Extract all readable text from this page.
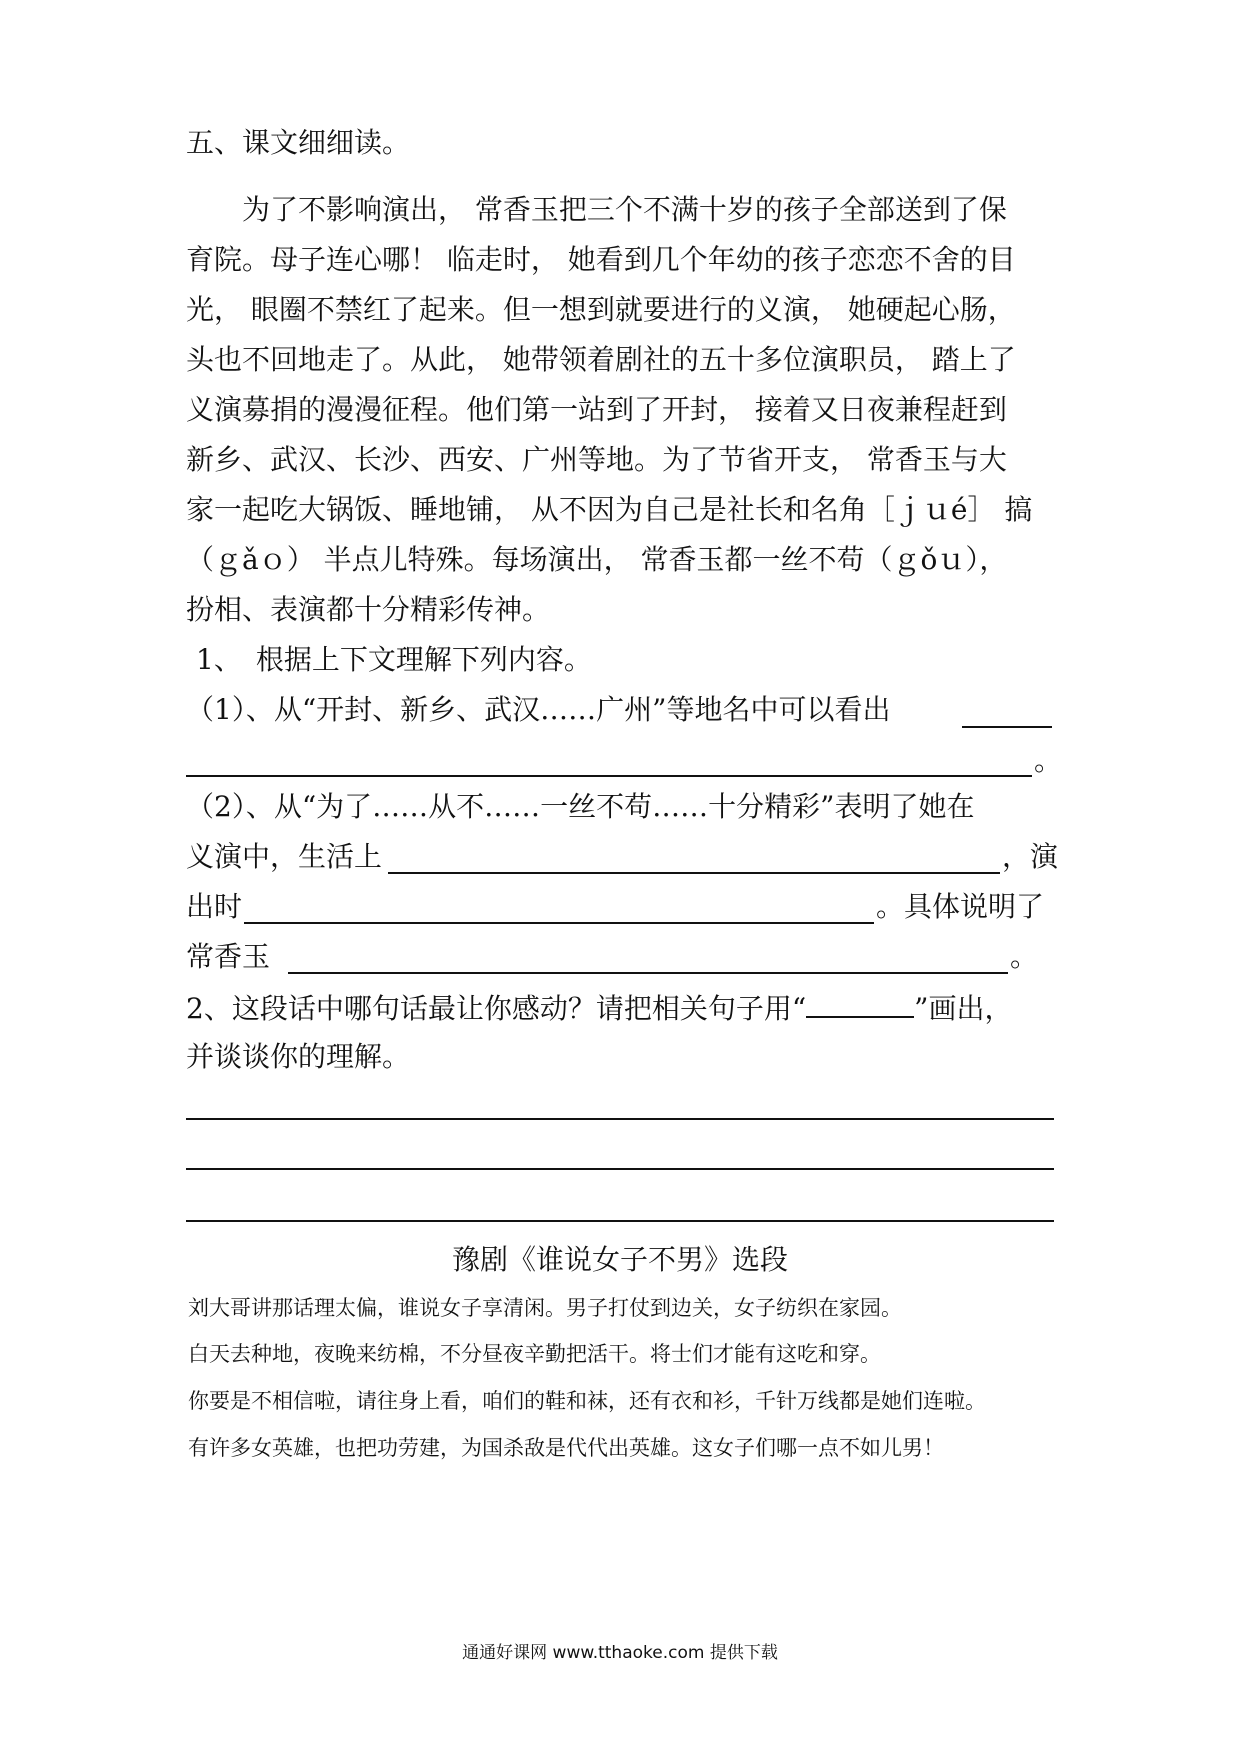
五、课文细细读。
　　为了不影响演出， 常香玉把三个不满十岁的孩子全部送到了保
育院。母子连心哪！ 临走时， 她看到几个年幼的孩子恋恋不舍的目
光， 眼圈不禁红了起来。但一想到就要进行的义演， 她硬起心肠，
头也不回地走了。从此， 她带领着剧社的五十多位演职员， 踏上了
义演募捐的漫漫征程。他们第一站到了开封， 接着又日夜兼程赶到
新乡、武汉、长沙、西安、广州等地。为了节省开支， 常香玉与大
家一起吃大锅饭、睡地铺， 从不因为自己是社长和名角［ｊｕé］ 搞
（ｇǎｏ） 半点儿特殊。每场演出， 常香玉都一丝不苟（ｇǒｕ），
扮相、表演都十分精彩传神。
1、　根据上下文理解下列内容。
（1）、从“开封、新乡、武汉……广州”等地名中可以看出
。
（2）、从“为了……从不……一丝不苟……十分精彩”表明了她在
义演中，生活上	，演
出时	。具体说明了
常香玉	。
2、这段话中哪句话最让你感动？请把相关句子用“	”画出，
并谈谈你的理解。
豫剧《谁说女子不男》选段
刘大哥讲那话理太偏，谁说女子享清闲。男子打仗到边关，女子纺织在家园。
白天去种地，夜晚来纺棉，不分昼夜辛勤把活干。将士们才能有这吃和穿。
你要是不相信啦，请往身上看，咱们的鞋和袜，还有衣和衫，千针万线都是她们连啦。
有许多女英雄，也把功劳建，为国杀敌是代代出英雄。这女子们哪一点不如儿男！
通通好课网 www.tthaoke.com 提供下载
